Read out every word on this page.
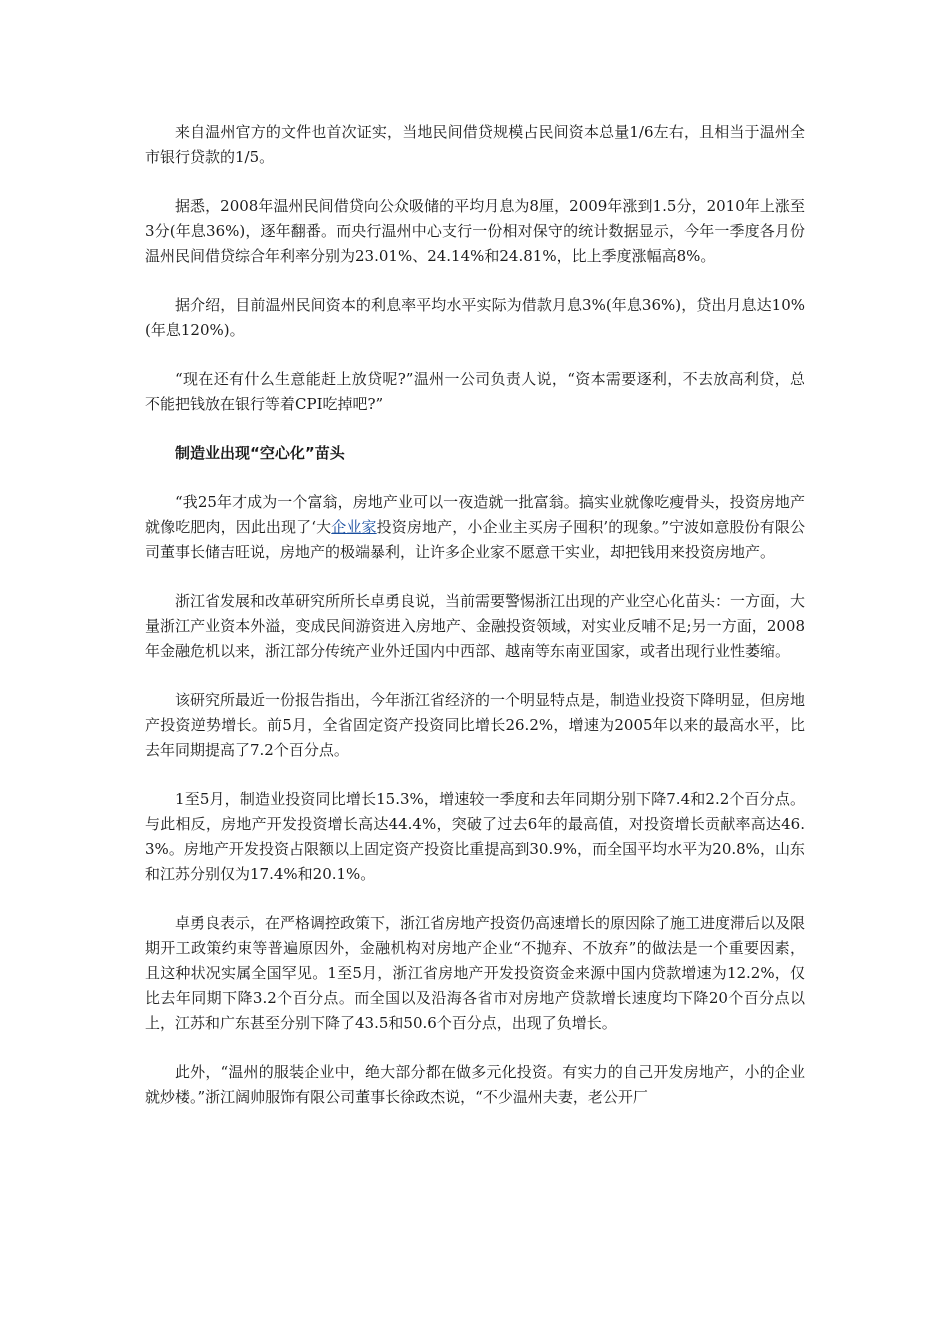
来自温州官方的文件也首次证实，当地民间借贷规模占民间资本总量1/6左右，且相当于温州全市银行贷款的1/5。

据悉，2008年温州民间借贷向公众吸储的平均月息为8厘，2009年涨到1.5分，2010年上涨至3分(年息36%)，逐年翻番。而央行温州中心支行一份相对保守的统计数据显示，今年一季度各月份温州民间借贷综合年利率分别为23.01%、24.14%和24.81%，比上季度涨幅高8%。

据介绍，目前温州民间资本的利息率平均水平实际为借款月息3%(年息36%)，贷出月息达10%(年息120%)。

“现在还有什么生意能赶上放贷呢?”温州一公司负责人说，“资本需要逐利，不去放高利贷，总不能把钱放在银行等着CPI吃掉吧?”

制造业出现“空心化”苗头

“我25年才成为一个富翁，房地产业可以一夜造就一批富翁。搞实业就像吃瘦骨头，投资房地产就像吃肥肉，因此出现了‘大企业家投资房地产，小企业主买房子囤积’的现象。”宁波如意股份有限公司董事长储吉旺说，房地产的极端暴利，让许多企业家不愿意干实业，却把钱用来投资房地产。

浙江省发展和改革研究所所长卓勇良说，当前需要警惕浙江出现的产业空心化苗头：一方面，大量浙江产业资本外溢，变成民间游资进入房地产、金融投资领域，对实业反哺不足;另一方面，2008年金融危机以来，浙江部分传统产业外迁国内中西部、越南等东南亚国家，或者出现行业性萎缩。

该研究所最近一份报告指出，今年浙江省经济的一个明显特点是，制造业投资下降明显，但房地产投资逆势增长。前5月，全省固定资产投资同比增长26.2%，增速为2005年以来的最高水平，比去年同期提高了7.2个百分点。

1至5月，制造业投资同比增长15.3%，增速较一季度和去年同期分别下降7.4和2.2个百分点。与此相反，房地产开发投资增长高达44.4%，突破了过去6年的最高值，对投资增长贡献率高达46.3%。房地产开发投资占限额以上固定资产投资比重提高到30.9%，而全国平均水平为20.8%，山东和江苏分别仅为17.4%和20.1%。

卓勇良表示，在严格调控政策下，浙江省房地产投资仍高速增长的原因除了施工进度滞后以及限期开工政策约束等普遍原因外，金融机构对房地产企业“不抛弃、不放弃”的做法是一个重要因素，且这种状况实属全国罕见。1至5月，浙江省房地产开发投资资金来源中国内贷款增速为12.2%，仅比去年同期下降3.2个百分点。而全国以及沿海各省市对房地产贷款增长速度均下降20个百分点以上，江苏和广东甚至分别下降了43.5和50.6个百分点，出现了负增长。

此外，“温州的服装企业中，绝大部分都在做多元化投资。有实力的自己开发房地产，小的企业就炒楼。”浙江阔帅服饰有限公司董事长徐政杰说，“不少温州夫妻，老公开厂
